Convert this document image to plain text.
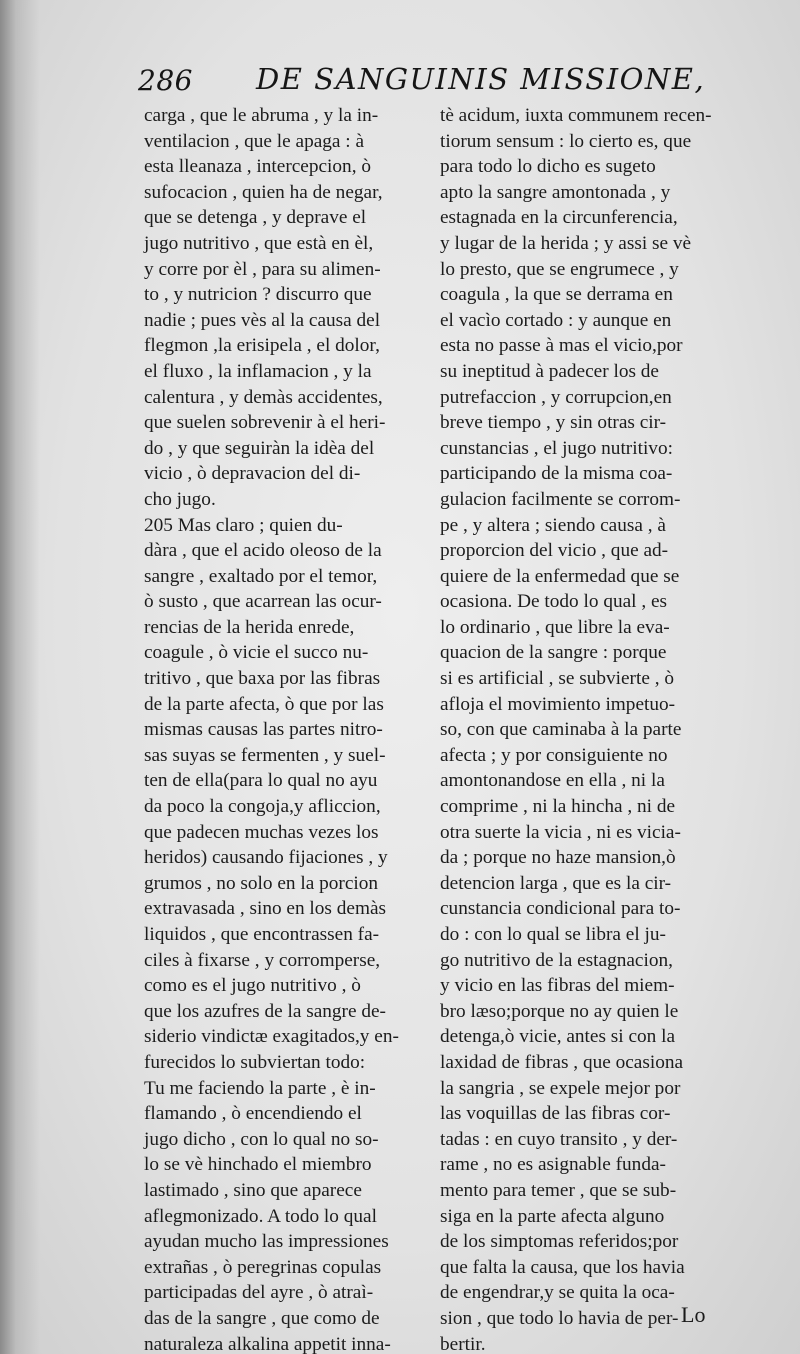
286 DE SANGUINIS MISSIONE,
carga , que le abruma , y la in-
ventilacion , que le apaga : à
esta lleanaza , intercepcion, ò
sufocacion , quien ha de negar,
que se detenga , y deprave el
jugo nutritivo , que està en èl,
y corre por èl , para su alimen-
to , y nutricion ? discurro que
nadie ; pues vès al la causa del
flegmon ,la erisipela , el dolor,
el fluxo , la inflamacion , y la
calentura , y demàs accidentes,
que suelen sobrevenir à el heri-
do , y que seguiràn la idèa del
vicio , ò depravacion del di-
cho jugo.
205 Mas claro ; quien du-
dàra , que el acido oleoso de la
sangre , exaltado por el temor,
ò susto , que acarrean las ocur-
rencias de la herida enrede,
coagule , ò vicie el succo nu-
tritivo , que baxa por las fibras
de la parte afecta, ò que por las
mismas causas las partes nitro-
sas suyas se fermenten , y suel-
ten de ella(para lo qual no ayu
da poco la congoja,y afliccion,
que padecen muchas vezes los
heridos) causando fijaciones , y
grumos , no solo en la porcion
extravasada , sino en los demàs
liquidos , que encontrassen fa-
ciles à fixarse , y corromperse,
como es el jugo nutritivo , ò
que los azufres de la sangre de-
siderio vindictæ exagitados,y en-
furecidos lo subviertan todo:
Tu me faciendo la parte , è in-
flamando , ò encendiendo el
jugo dicho , con lo qual no so-
lo se vè hinchado el miembro
lastimado , sino que aparece
aflegmonizado. A todo lo qual
ayudan mucho las impressiones
extrañas , ò peregrinas copulas
participadas del ayre , ò atraì-
das de la sangre , que como de
naturaleza alkalina appetit inna-
tè acidum, iuxta communem recen-
tiorum sensum : lo cierto es, que
para todo lo dicho es sugeto
apto la sangre amontonada , y
estagnada en la circunferencia,
y lugar de la herida ; y assi se vè
lo presto, que se engrumece , y
coagula , la que se derrama en
el vacìo cortado : y aunque en
esta no passe à mas el vicio,por
su ineptitud à padecer los de
putrefaccion , y corrupcion,en
breve tiempo , y sin otras cir-
cunstancias , el jugo nutritivo:
participando de la misma coa-
gulacion facilmente se corrom-
pe , y altera ; siendo causa , à
proporcion del vicio , que ad-
quiere de la enfermedad que se
ocasiona. De todo lo qual , es
lo ordinario , que libre la eva-
quacion de la sangre : porque
si es artificial , se subvierte , ò
afloja el movimiento impetuo-
so, con que caminaba à la parte
afecta ; y por consiguiente no
amontonandose en ella , ni la
comprime , ni la hincha , ni de
otra suerte la vicia , ni es vicia-
da ; porque no haze mansion,ò
detencion larga , que es la cir-
cunstancia condicional para to-
do : con lo qual se libra el ju-
go nutritivo de la estagnacion,
y vicio en las fibras del miem-
bro læso;porque no ay quien le
detenga,ò vicie, antes si con la
laxidad de fibras , que ocasiona
la sangria , se expele mejor por
las voquillas de las fibras cor-
tadas : en cuyo transito , y der-
rame , no es asignable funda-
mento para temer , que se sub-
siga en la parte afecta alguno
de los simptomas referidos;por
que falta la causa, que los havia
de engendrar,y se quita la oca-
sion , que todo lo havia de per-
bertir.
Lo
